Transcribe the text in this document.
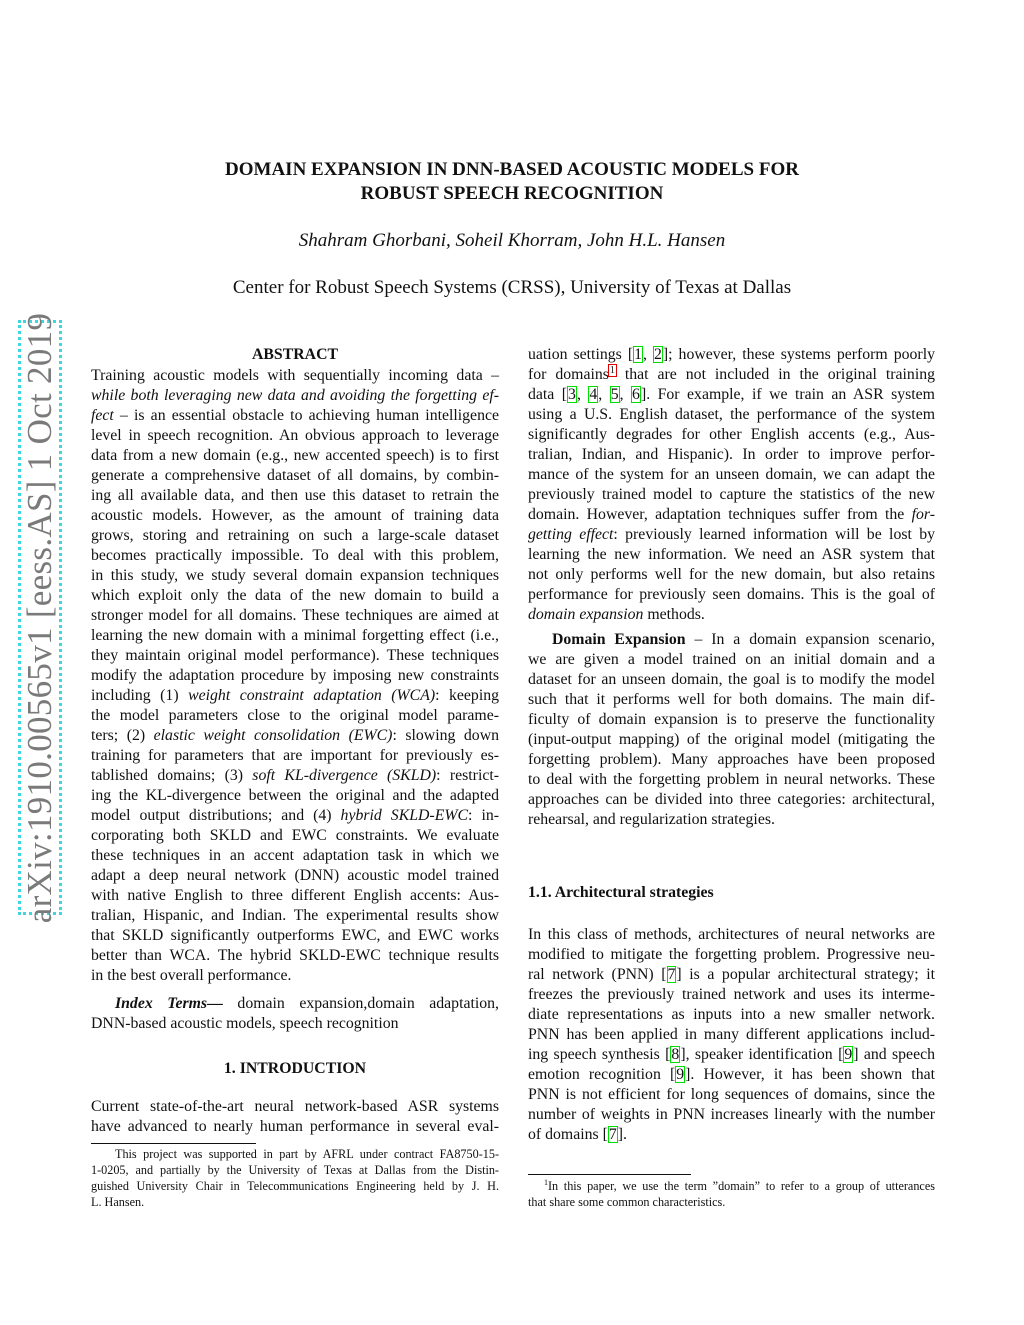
DOMAIN EXPANSION IN DNN-BASED ACOUSTIC MODELS FOR
ROBUST SPEECH RECOGNITION
Shahram Ghorbani, Soheil Khorram, John H.L. Hansen
Center for Robust Speech Systems (CRSS), University of Texas at Dallas
arXiv:1910.00565v1 [eess.AS] 1 Oct 2019	ABSTRACT
Training acoustic models with sequentially incoming data –
while both leveraging new data and avoiding the forgetting ef-
fect – is an essential obstacle to achieving human intelligence
level in speech recognition. An obvious approach to leverage
data from a new domain (e.g., new accented speech) is to first
generate a comprehensive dataset of all domains, by combin-
ing all available data, and then use this dataset to retrain the
acoustic models. However, as the amount of training data
grows, storing and retraining on such a large-scale dataset
becomes practically impossible. To deal with this problem,
in this study, we study several domain expansion techniques
which exploit only the data of the new domain to build a
stronger model for all domains. These techniques are aimed at
learning the new domain with a minimal forgetting effect (i.e.,
they maintain original model performance). These techniques
modify the adaptation procedure by imposing new constraints
including (1) weight constraint adaptation (WCA): keeping
the model parameters close to the original model parame-
ters; (2) elastic weight consolidation (EWC): slowing down
training for parameters that are important for previously es-
tablished domains; (3) soft KL-divergence (SKLD): restrict-
ing the KL-divergence between the original and the adapted
model output distributions; and (4) hybrid SKLD-EWC: in-
corporating both SKLD and EWC constraints. We evaluate
these techniques in an accent adaptation task in which we
adapt a deep neural network (DNN) acoustic model trained
with native English to three different English accents: Aus-
tralian, Hispanic, and Indian. The experimental results show
that SKLD significantly outperforms EWC, and EWC works
better than WCA. The hybrid SKLD-EWC technique results
in the best overall performance.
Index Terms— domain expansion,domain adaptation,
DNN-based acoustic models, speech recognition
1. INTRODUCTION
Current state-of-the-art neural network-based ASR systems
have advanced to nearly human performance in several eval-
This project was supported in part by AFRL under contract FA8750-15-
1-0205, and partially by the University of Texas at Dallas from the Distin-
guished University Chair in Telecommunications Engineering held by J. H.
L. Hansen.
uation settings [1, 2]; however, these systems perform poorly
for domains$^1$ that are not included in the original training
data [3, 4, 5, 6]. For example, if we train an ASR system
using a U.S. English dataset, the performance of the system
significantly degrades for other English accents (e.g., Aus-
tralian, Indian, and Hispanic). In order to improve perfor-
mance of the system for an unseen domain, we can adapt the
previously trained model to capture the statistics of the new
domain. However, adaptation techniques suffer from the for-
getting effect: previously learned information will be lost by
learning the new information. We need an ASR system that
not only performs well for the new domain, but also retains
performance for previously seen domains. This is the goal of
domain expansion methods.
Domain Expansion – In a domain expansion scenario,
we are given a model trained on an initial domain and a
dataset for an unseen domain, the goal is to modify the model
such that it performs well for both domains. The main dif-
ficulty of domain expansion is to preserve the functionality
(input-output mapping) of the original model (mitigating the
forgetting problem). Many approaches have been proposed
to deal with the forgetting problem in neural networks. These
approaches can be divided into three categories: architectural,
rehearsal, and regularization strategies.
1.1. Architectural strategies
In this class of methods, architectures of neural networks are
modified to mitigate the forgetting problem. Progressive neu-
ral network (PNN) [7] is a popular architectural strategy; it
freezes the previously trained network and uses its interme-
diate representations as inputs into a new smaller network.
PNN has been applied in many different applications includ-
ing speech synthesis [8], speaker identification [9] and speech
emotion recognition [9]. However, it has been shown that
PNN is not efficient for long sequences of domains, since the
number of weights in PNN increases linearly with the number
of domains [7].
$^1$In this paper, we use the term ”domain” to refer to a group of utterances
that share some common characteristics.
